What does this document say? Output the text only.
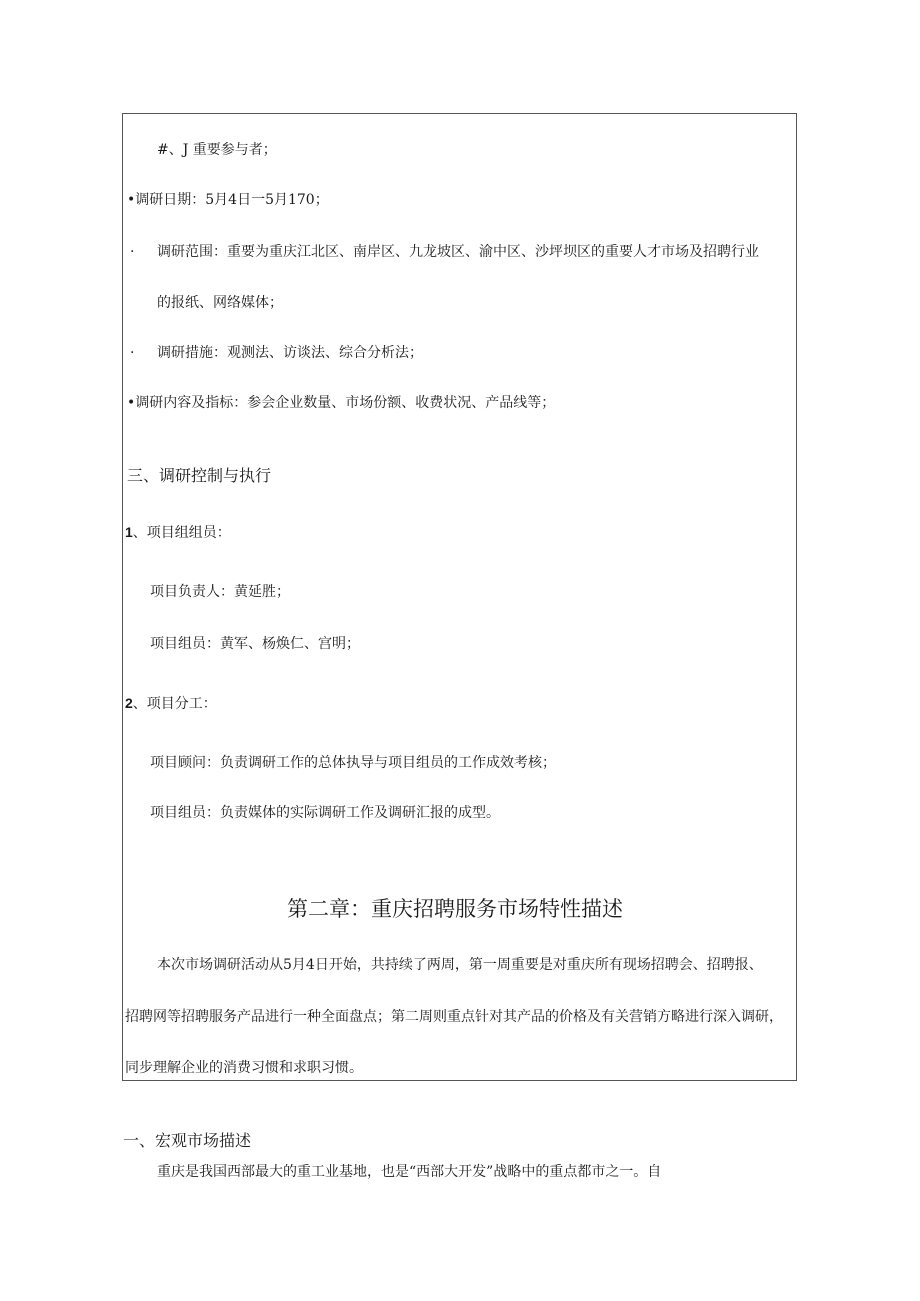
#、J 重要参与者；
•调研日期：5月4日一5月170；
· 调研范围：重要为重庆江北区、南岸区、九龙坡区、渝中区、沙坪坝区的重要人才市场及招聘行业
的报纸、网络媒体；
· 调研措施：观测法、访谈法、综合分析法；
•调研内容及指标：参会企业数量、市场份额、收费状况、产品线等；
三、调研控制与执行
1、项目组组员：
项目负责人：黄延胜；
项目组员：黄军、杨焕仁、宫明；
2、项目分工：
项目顾问：负责调研工作的总体执导与项目组员的工作成效考核；
项目组员：负责媒体的实际调研工作及调研汇报的成型。
第二章：重庆招聘服务市场特性描述
本次市场调研活动从5月4日开始，共持续了两周，第一周重要是对重庆所有现场招聘会、招聘报、
招聘网等招聘服务产品进行一种全面盘点；第二周则重点针对其产品的价格及有关营销方略进行深入调研，
同步理解企业的消费习惯和求职习惯。
一、宏观市场描述
重庆是我国西部最大的重工业基地，也是“西部大开发”战略中的重点都市之一。自
